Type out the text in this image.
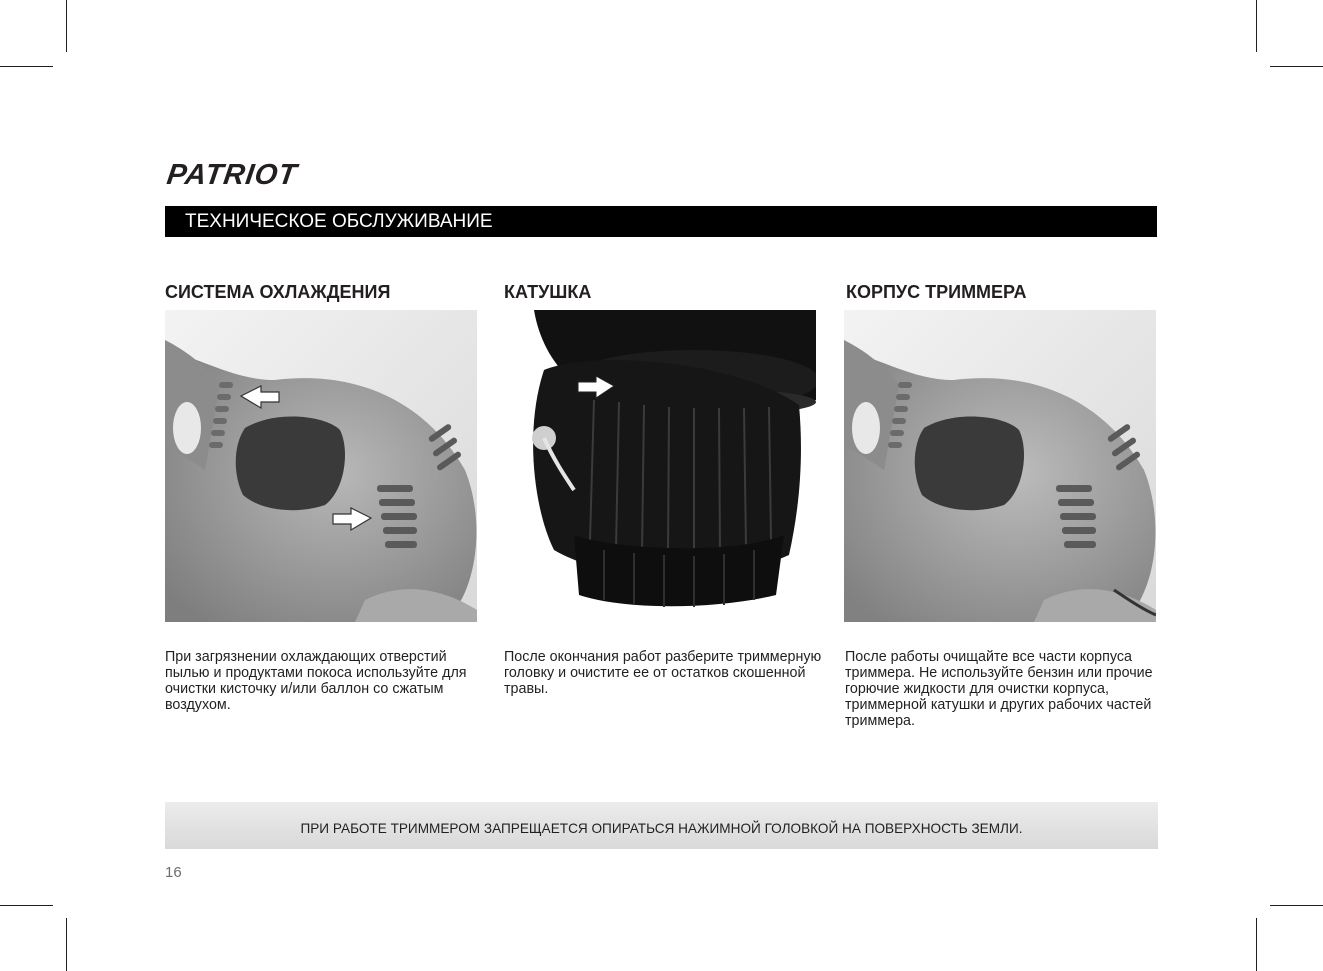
PATRIOT
ТЕХНИЧЕСКОЕ ОБСЛУЖИВАНИЕ
СИСТЕМА ОХЛАЖДЕНИЯ
При загрязнении охлаждающих отверстий пылью и продуктами покоса используйте для очистки кисточку и/или баллон со сжатым воздухом.
КАТУШКА
После окончания работ разберите триммерную головку и очистите ее от остатков скошенной травы.
КОРПУС ТРИММЕРА
После работы очищайте все части корпуса триммера. Не используйте бензин или прочие горючие жидкости для очистки корпуса, триммерной катушки и других рабочих частей триммера.
ПРИ РАБОТЕ ТРИММЕРОМ ЗАПРЕЩАЕТСЯ ОПИРАТЬСЯ НАЖИМНОЙ ГОЛОВКОЙ НА ПОВЕРХНОСТЬ ЗЕМЛИ.
16
